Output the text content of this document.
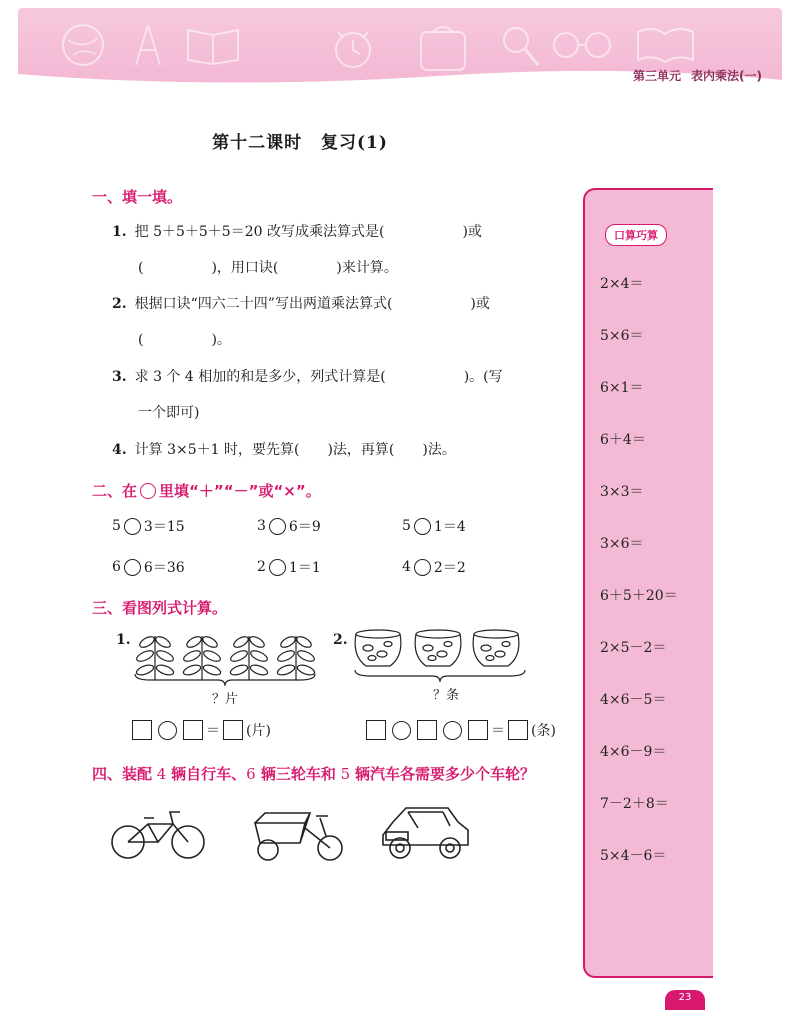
第三单元 表内乘法(一)
第十二课时 复习(1)
一、填一填。
1. 把 5＋5＋5＋5＝20 改写成乘法算式是(	)或
(	)，用口诀(	)来计算。
2. 根据口诀“四六二十四”写出两道乘法算式(	)或
(	)。
3. 求 3 个 4 相加的和是多少，列式计算是(	)。(写
一个即可)
4. 计算 3×5＋1 时，要先算( )法，再算( )法。
二、在 里填“＋”“－”或“×”。
5 3＝15	3 6＝9	5 1＝4
6 6＝36	2 1＝1	4 2＝2
三、看图列式计算。
1.
？片
2.
？条
＝ (片)	＝ (条)
四、装配 4 辆自行车、6 辆三轮车和 5 辆汽车各需要多少个车轮？
口算巧算
2×4＝
5×6＝
6×1＝
6＋4＝
3×3＝
3×6＝
6＋5＋20＝
2×5－2＝
4×6－5＝
4×6－9＝
7－2＋8＝
5×4－6＝
23
